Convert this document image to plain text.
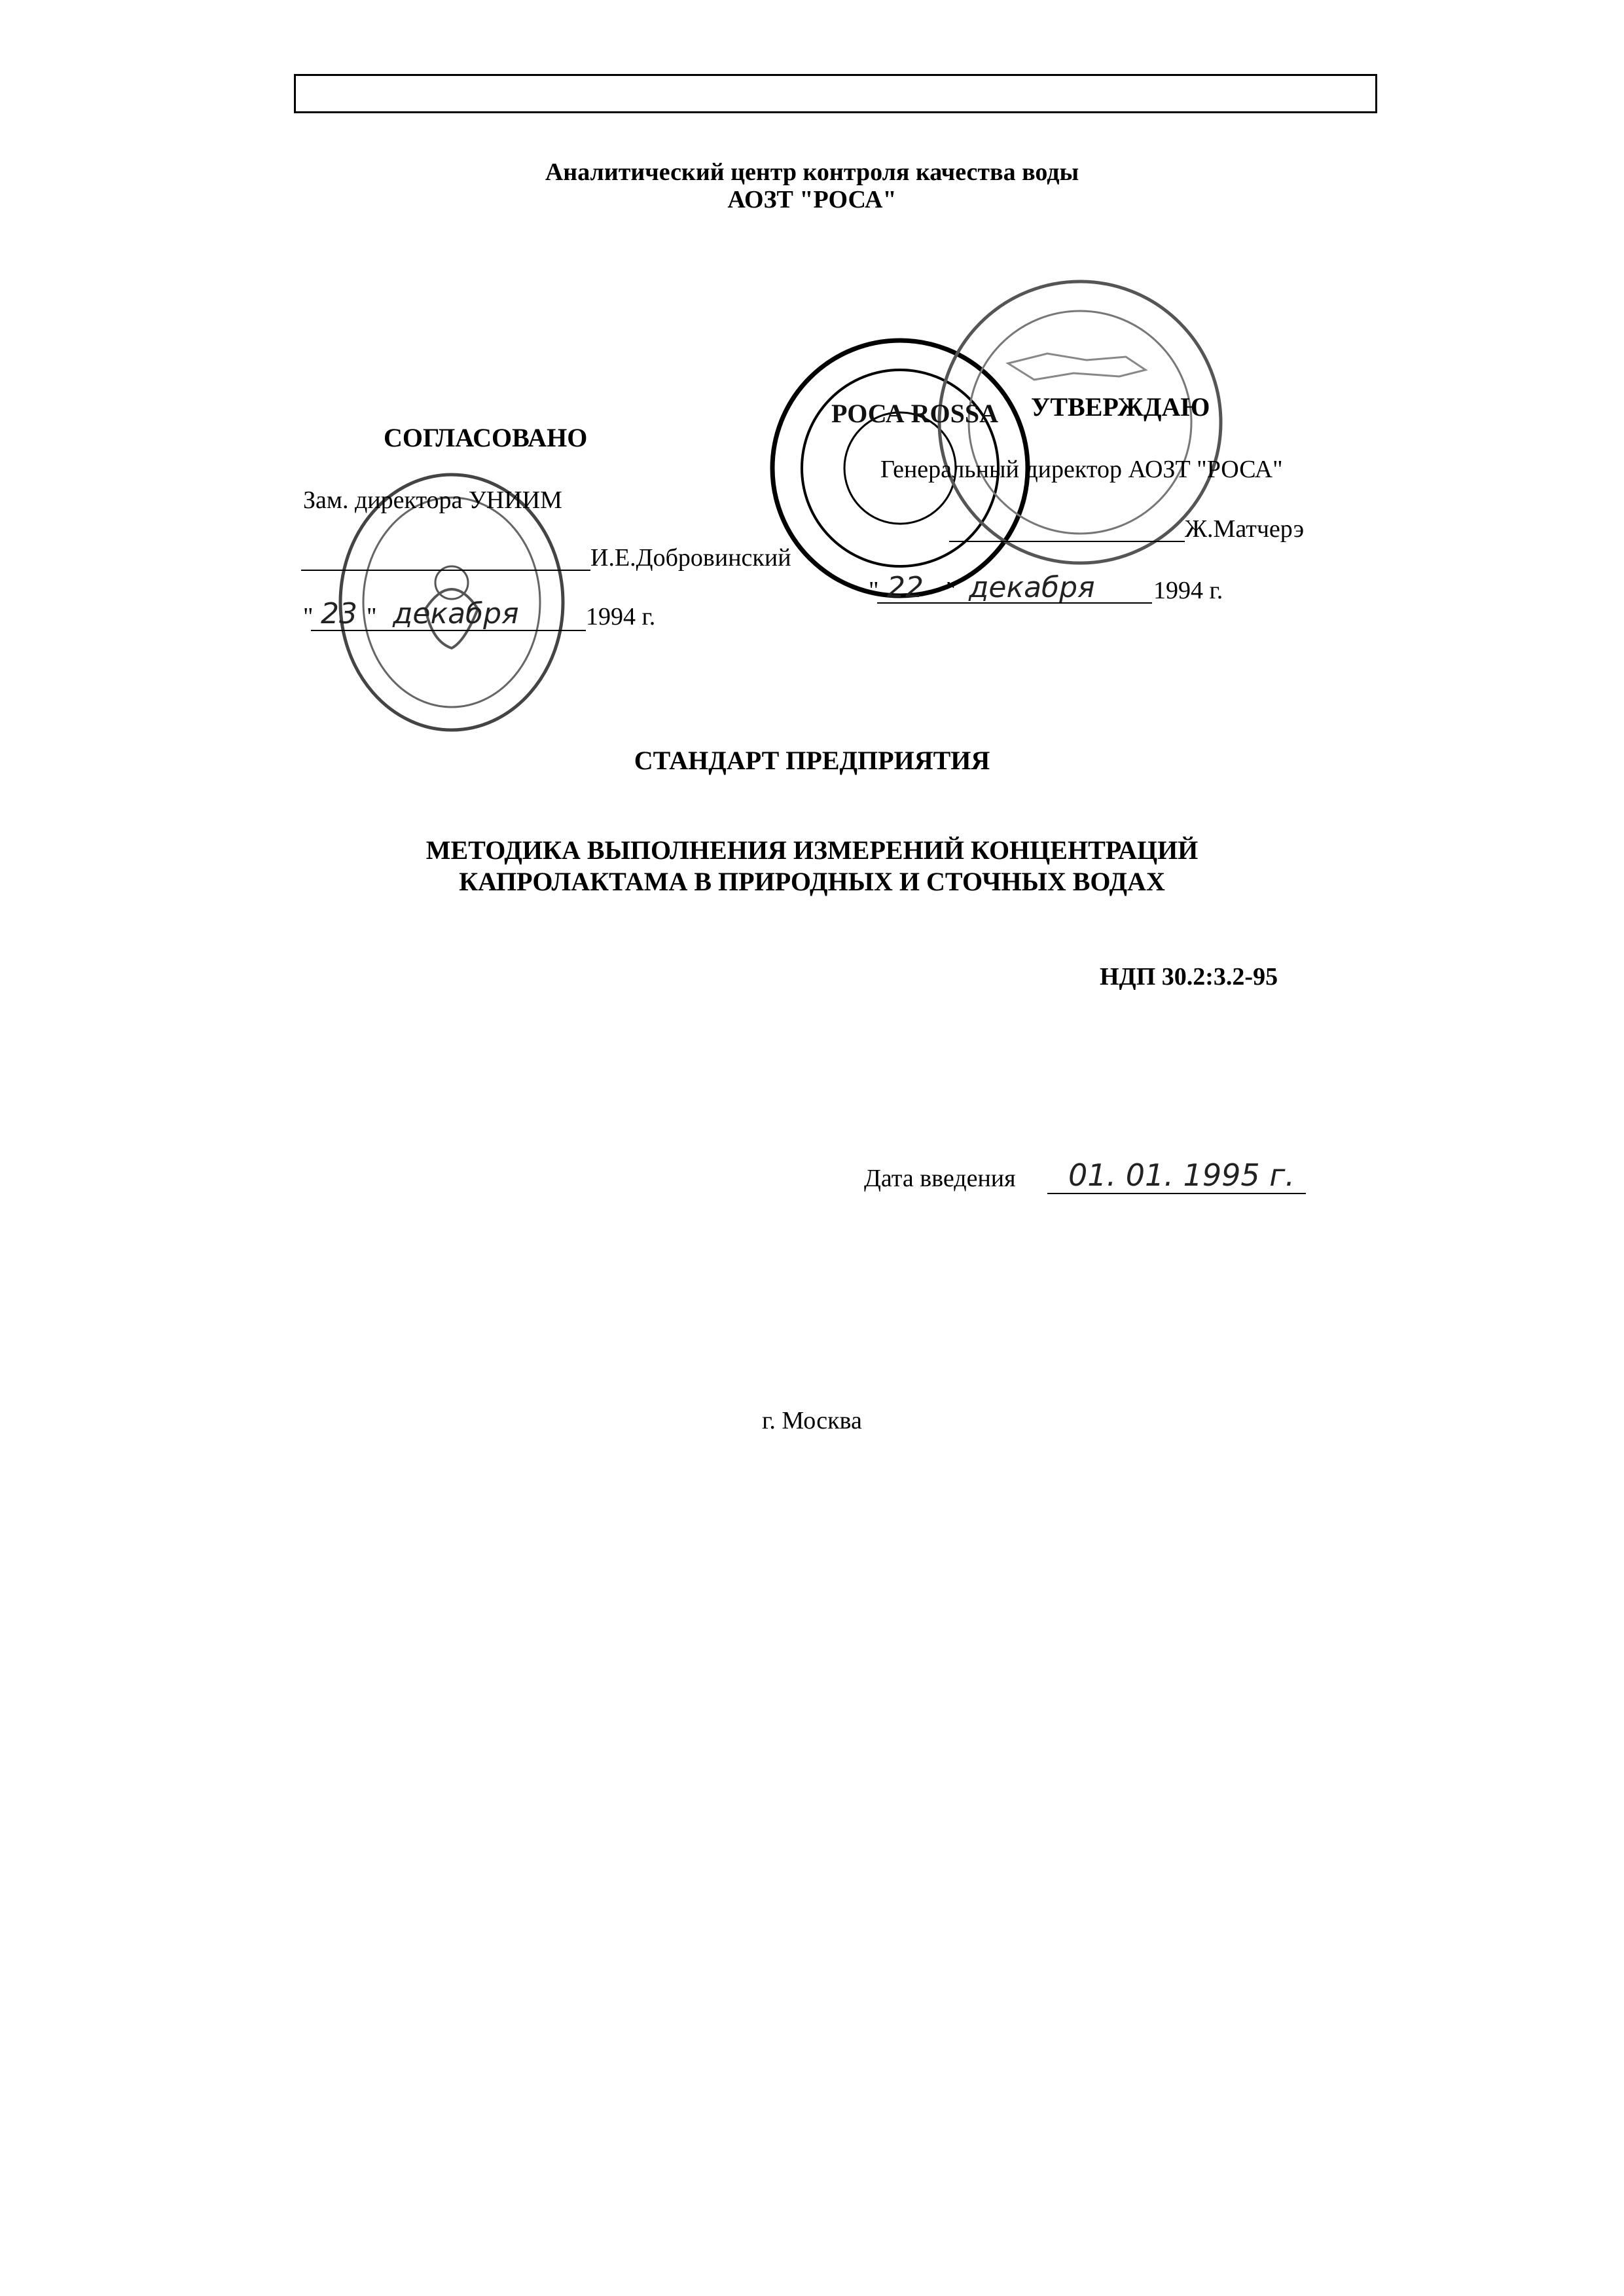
Аналитический центр контроля качества воды
АОЗТ "РОСА"
РОСА ROSSA
СОГЛАСОВАНО
Зам. директора УНИИМ
И.Е.Добровинский
" 23 " декабря	1994 г.
УТВЕРЖДАЮ
Генеральный директор АОЗТ "РОСА"
Ж.Матчерэ
" 22 " декабря 1994 г.
СТАНДАРТ ПРЕДПРИЯТИЯ
МЕТОДИКА ВЫПОЛНЕНИЯ ИЗМЕРЕНИЙ КОНЦЕНТРАЦИЙ
КАПРОЛАКТАМА В ПРИРОДНЫХ И СТОЧНЫХ ВОДАХ
НДП 30.2:3.2-95
Дата введения 01. 01. 1995 г.
г. Москва
